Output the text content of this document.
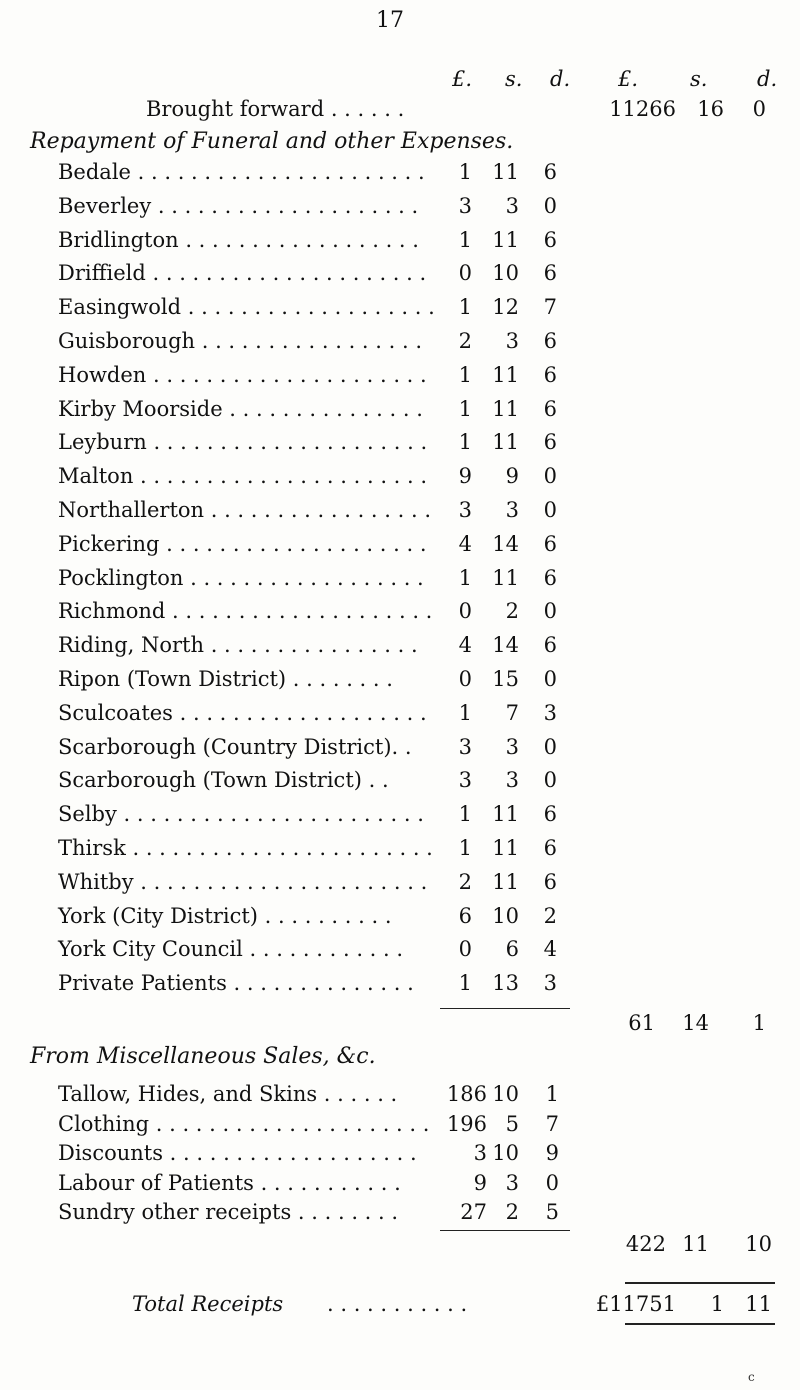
17
£. s. d. £. s. d.
Brought forward . . . . . .	11266	16	0
Repayment of Funeral and other Expenses.
Bedale . . . . . . . . . . . . . . . . . . . . . .	1 11	6
Beverley . . . . . . . . . . . . . . . . . . . .	3	3	0
Bridlington . . . . . . . . . . . . . . . . . .	1 11	6
Driffield . . . . . . . . . . . . . . . . . . . . .	0 10	6
Easingwold . . . . . . . . . . . . . . . . . . .	1 12	7
Guisborough . . . . . . . . . . . . . . . . .	2	3	6
Howden . . . . . . . . . . . . . . . . . . . . .	1 11	6
Kirby Moorside . . . . . . . . . . . . . . .	1 11	6
Leyburn . . . . . . . . . . . . . . . . . . . . .	1 11	6
Malton . . . . . . . . . . . . . . . . . . . . . .	9	9	0
Northallerton . . . . . . . . . . . . . . . . .	3	3	0
Pickering . . . . . . . . . . . . . . . . . . . .	4 14	6
Pocklington . . . . . . . . . . . . . . . . . .	1 11	6
Richmond . . . . . . . . . . . . . . . . . . . .	0	2	0
Riding, North . . . . . . . . . . . . . . . .	4 14	6
Ripon (Town District) . . . . . . . .	0 15	0
Sculcoates . . . . . . . . . . . . . . . . . . .	1	7	3
Scarborough (Country District). .	3	3	0
Scarborough (Town District) . .	3	3	0
Selby . . . . . . . . . . . . . . . . . . . . . . .	1 11	6
Thirsk . . . . . . . . . . . . . . . . . . . . . . .	1 11	6
Whitby . . . . . . . . . . . . . . . . . . . . . .	2 11	6
York (City District) . . . . . . . . . .	6 10	2
York City Council . . . . . . . . . . . .	0	6	4
Private Patients . . . . . . . . . . . . . .	1 13	3
61	14	1
From Miscellaneous Sales, &c.
Tallow, Hides, and Skins . . . . . .	186 10	1
Clothing . . . . . . . . . . . . . . . . . . . . . 196 5	7
Discounts . . . . . . . . . . . . . . . . . . .	3 10	9
Labour of Patients . . . . . . . . . . .	9 3	0
Sundry other receipts . . . . . . . .	27 2	5
422 11	10
Total Receipts . . . . . . . . . . .	£11751	1	11
c
